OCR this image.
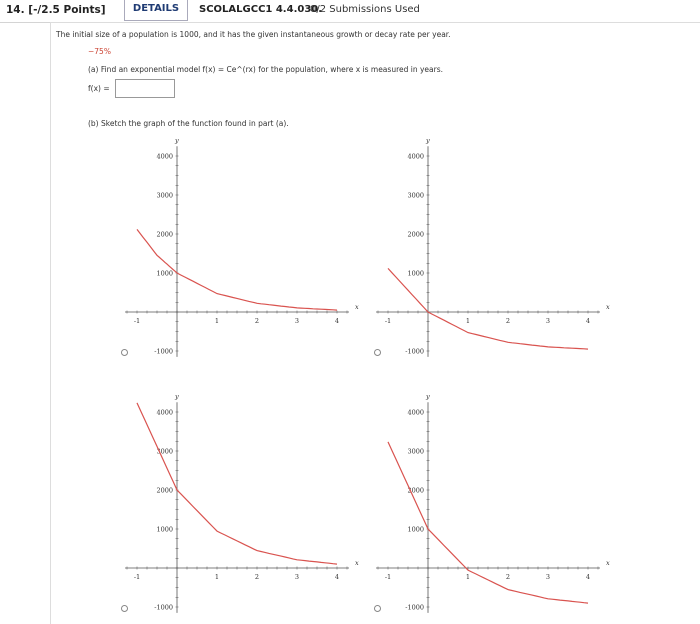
14. [-/2.5 Points]	DETAILS	SCOLALGCC1 4.4.030.
0/2 Submissions Used
The initial size of a population is 1000, and it has the given instantaneous growth or decay rate per year.
−75%
(a) Find an exponential model f(x) = Ce^(rx) for the population, where x is measured in years.
f(x) =
(b) Sketch the graph of the function found in part (a).
-1	1	2	3	4
-1000
1000
2000
3000
4000
x
y
-1	1	2	3	4
-1000
1000
2000
3000
4000
x
y
-1	1	2	3	4
-1000
1000
2000
3000
4000
x
y
-1	1	2	3	4
-1000
1000
2000
3000
4000
x
y
